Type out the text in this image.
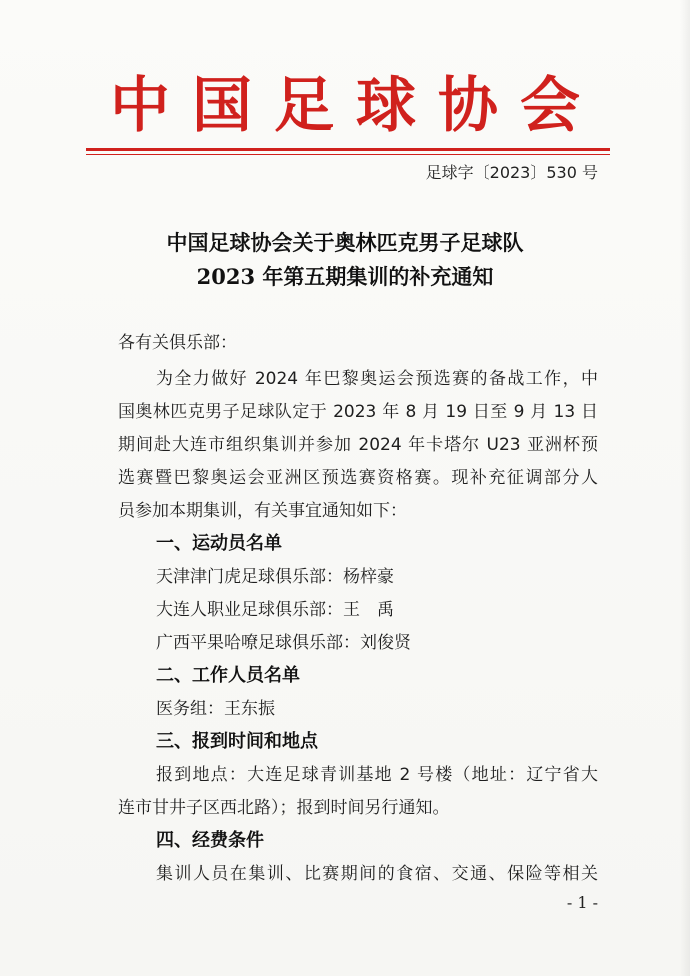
中国足球协会
足球字〔2023〕530 号
中国足球协会关于奥林匹克男子足球队
2023 年第五期集训的补充通知
各有关俱乐部：
为全力做好 2024 年巴黎奥运会预选赛的备战工作，中
国奥林匹克男子足球队定于 2023 年 8 月 19 日至 9 月 13 日
期间赴大连市组织集训并参加 2024 年卡塔尔 U23 亚洲杯预
选赛暨巴黎奥运会亚洲区预选赛资格赛。现补充征调部分人
员参加本期集训，有关事宜通知如下：
一、运动员名单
天津津门虎足球俱乐部：杨梓豪
大连人职业足球俱乐部：王　禹
广西平果哈嘹足球俱乐部：刘俊贤
二、工作人员名单
医务组：王东振
三、报到时间和地点
报到地点：大连足球青训基地 2 号楼（地址：辽宁省大
连市甘井子区西北路）；报到时间另行通知。
四、经费条件
集训人员在集训、比赛期间的食宿、交通、保险等相关
- 1 -
